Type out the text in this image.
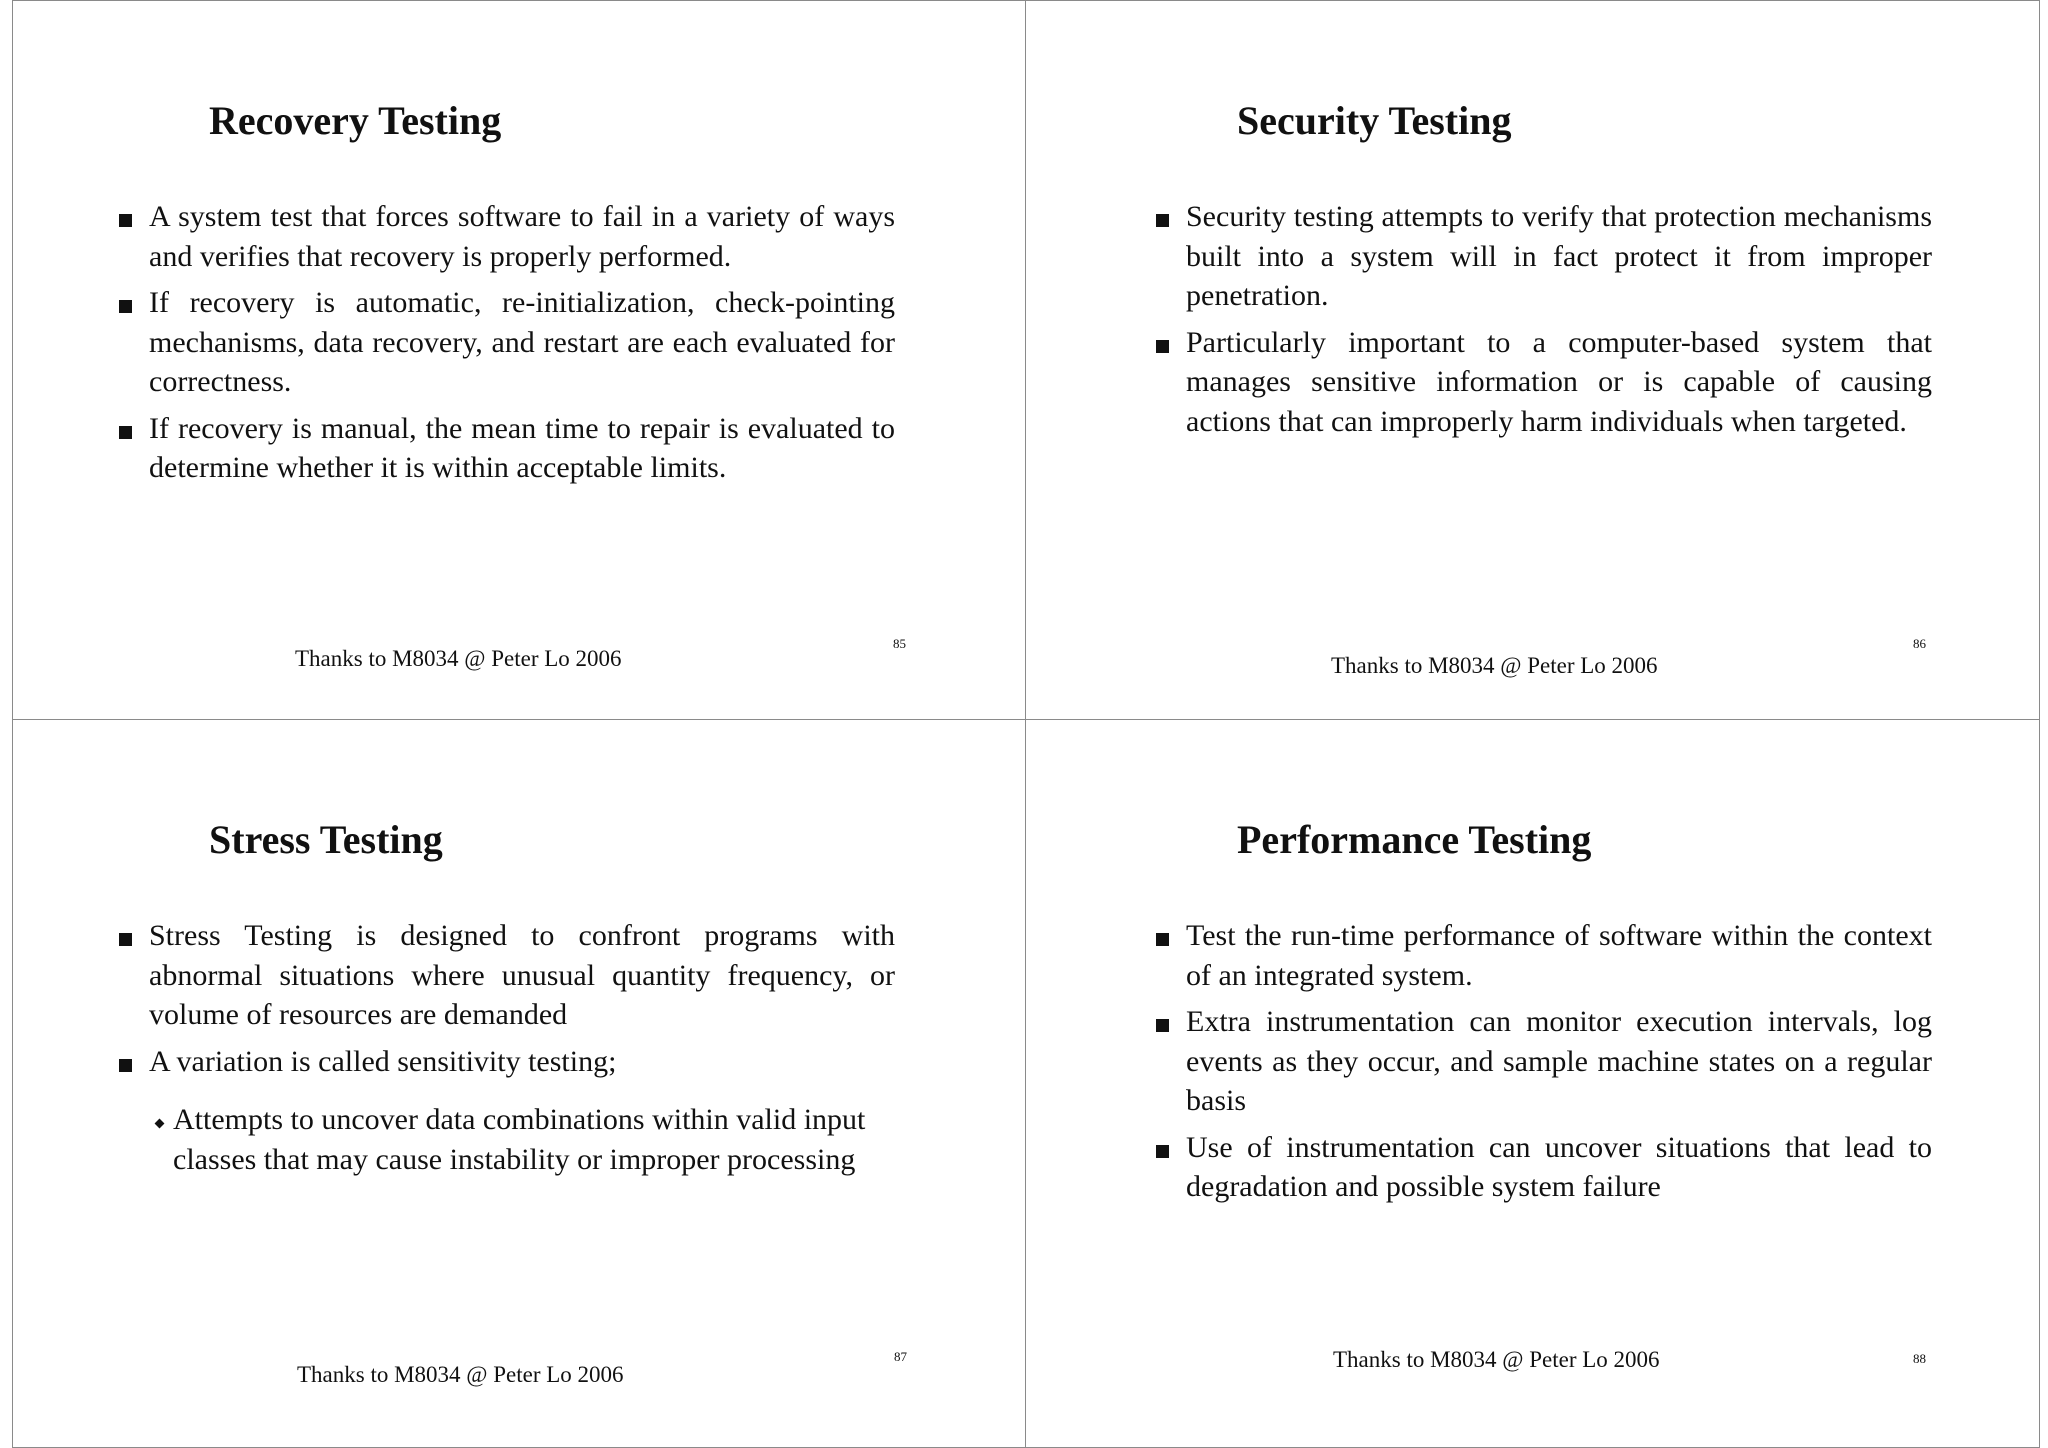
Recovery Testing
A system test that forces software to fail in a variety of ways and verifies that recovery is properly performed.
If recovery is automatic, re-initialization, check-pointing mechanisms, data recovery, and restart are each evaluated for correctness.
If recovery is manual, the mean time to repair is evaluated to determine whether it is within acceptable limits.
Thanks to M8034 @ Peter Lo 2006
85
Security Testing
Security testing attempts to verify that protection mechanisms built into a system will in fact protect it from improper penetration.
Particularly important to a computer-based system that manages sensitive information or is capable of causing actions that can improperly harm individuals when targeted.
Thanks to M8034 @ Peter Lo 2006
86
Stress Testing
Stress Testing is designed to confront programs with abnormal situations where unusual quantity frequency, or volume of resources are demanded
A variation is called sensitivity testing;
Attempts to uncover data combinations within valid input classes that may cause instability or improper processing
Thanks to M8034 @ Peter Lo 2006
87
Performance Testing
Test the run-time performance of software within the context of an integrated system.
Extra instrumentation can monitor execution intervals, log events as they occur, and sample machine states on a regular basis
Use of instrumentation can uncover situations that lead to degradation and possible system failure
Thanks to M8034 @ Peter Lo 2006	88
